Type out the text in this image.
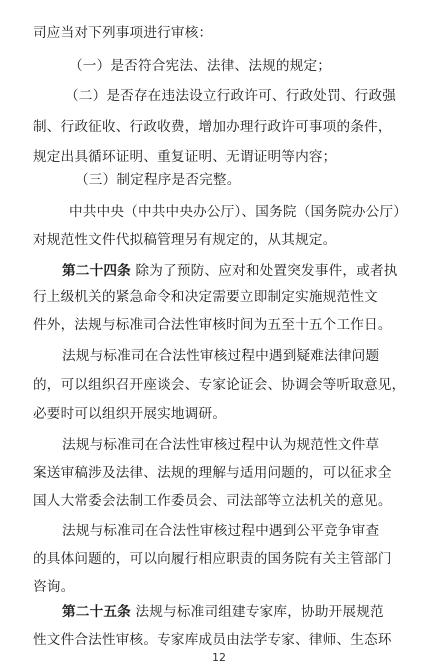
司应当对下列事项进行审核：
（一）是否符合宪法、法律、法规的规定；
（二）是否存在违法设立行政许可、行政处罚、行政强
制、行政征收、行政收费，增加办理行政许可事项的条件，
规定出具循环证明、重复证明、无谓证明等内容；
（三）制定程序是否完整。
中共中央（中共中央办公厅）、国务院（国务院办公厅）
对规范性文件代拟稿管理另有规定的，从其规定。
第二十四条 除为了预防、应对和处置突发事件，或者执
行上级机关的紧急命令和决定需要立即制定实施规范性文
件外，法规与标准司合法性审核时间为五至十五个工作日。
法规与标准司在合法性审核过程中遇到疑难法律问题
的，可以组织召开座谈会、专家论证会、协调会等听取意见，
必要时可以组织开展实地调研。
法规与标准司在合法性审核过程中认为规范性文件草
案送审稿涉及法律、法规的理解与适用问题的，可以征求全
国人大常委会法制工作委员会、司法部等立法机关的意见。
法规与标准司在合法性审核过程中遇到公平竞争审查
的具体问题的，可以向履行相应职责的国务院有关主管部门
咨询。
第二十五条 法规与标准司组建专家库，协助开展规范
性文件合法性审核。专家库成员由法学专家、律师、生态环
12
